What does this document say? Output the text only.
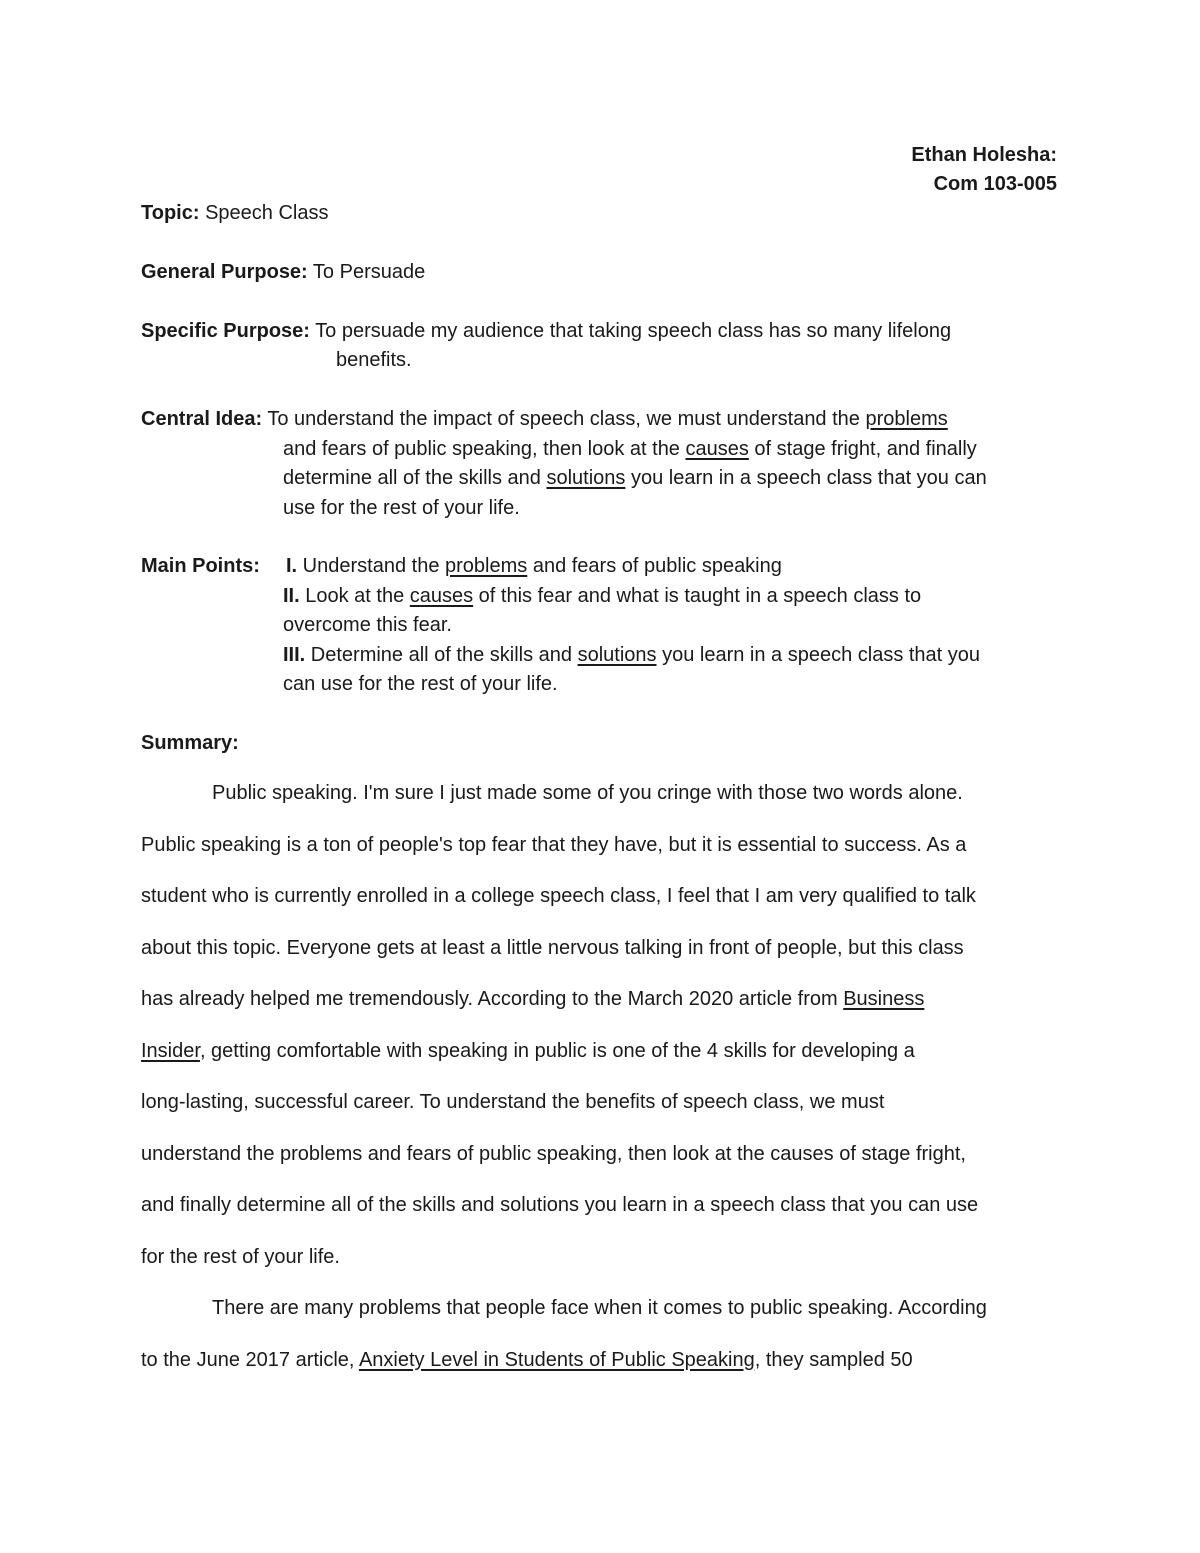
Ethan Holesha:
Com 103-005
Topic: Speech Class
General Purpose: To Persuade
Specific Purpose: To persuade my audience that taking speech class has so many lifelong
benefits.
Central Idea: To understand the impact of speech class, we must understand the problems
and fears of public speaking, then look at the causes of stage fright, and finally
determine all of the skills and solutions you learn in a speech class that you can
use for the rest of your life.
Main Points: I. Understand the problems and fears of public speaking
II. Look at the causes of this fear and what is taught in a speech class to
overcome this fear.
III. Determine all of the skills and solutions you learn in a speech class that you
can use for the rest of your life.
Summary:
Public speaking. I'm sure I just made some of you cringe with those two words alone.
Public speaking is a ton of people's top fear that they have, but it is essential to success. As a
student who is currently enrolled in a college speech class, I feel that I am very qualified to talk
about this topic. Everyone gets at least a little nervous talking in front of people, but this class
has already helped me tremendously. According to the March 2020 article from Business
Insider, getting comfortable with speaking in public is one of the 4 skills for developing a
long-lasting, successful career. To understand the benefits of speech class, we must
understand the problems and fears of public speaking, then look at the causes of stage fright,
and finally determine all of the skills and solutions you learn in a speech class that you can use
for the rest of your life.
There are many problems that people face when it comes to public speaking. According
to the June 2017 article, Anxiety Level in Students of Public Speaking, they sampled 50
